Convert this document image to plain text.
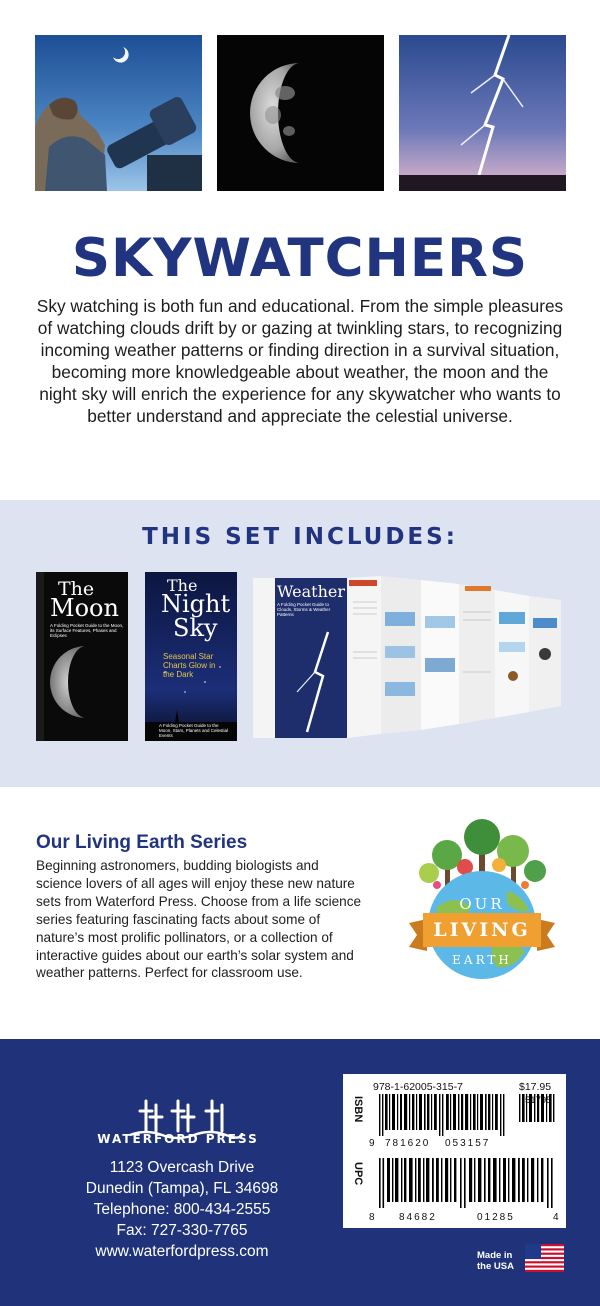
SKYWATCHERS

Sky watching is both fun and educational. From the simple pleasures of watching clouds drift by or gazing at twinkling stars, to recognizing incoming weather patterns or finding direction in a survival situation, becoming more knowledgeable about weather, the moon and the night sky will enrich the experience for any skywatcher who wants to better understand and appreciate the celestial universe.

THIS SET INCLUDES:
The
Moon
A Folding Pocket Guide to the Moon, its Surface Features, Phases and Eclipses
The
Night
Sky
Seasonal Star Charts Glow in the Dark
A Folding Pocket Guide to the Moon, Stars, Planets and Celestial Events
Weather
A Folding Pocket Guide to Clouds, Storms & Weather Patterns
Our Living Earth Series

Beginning astronomers, budding biologists and science lovers of all ages will enjoy these new nature sets from Waterford Press. Choose from a life science series featuring fascinating facts about some of nature’s most prolific pollinators, or a collection of interactive guides about our earth’s solar system and weather patterns. Perfect for classroom use.

OUR
LIVING
EARTH
WATERFORD PRESS
1123 Overcash Drive
Dunedin (Tampa), FL 34698
Telephone: 800-434-2555
Fax: 727-330-7765
www.waterfordpress.com
978-1-62005-315-7	$17.95
ISBN
9 781620 053157
UPC
8 84682	01285	4
Made in
the USA
